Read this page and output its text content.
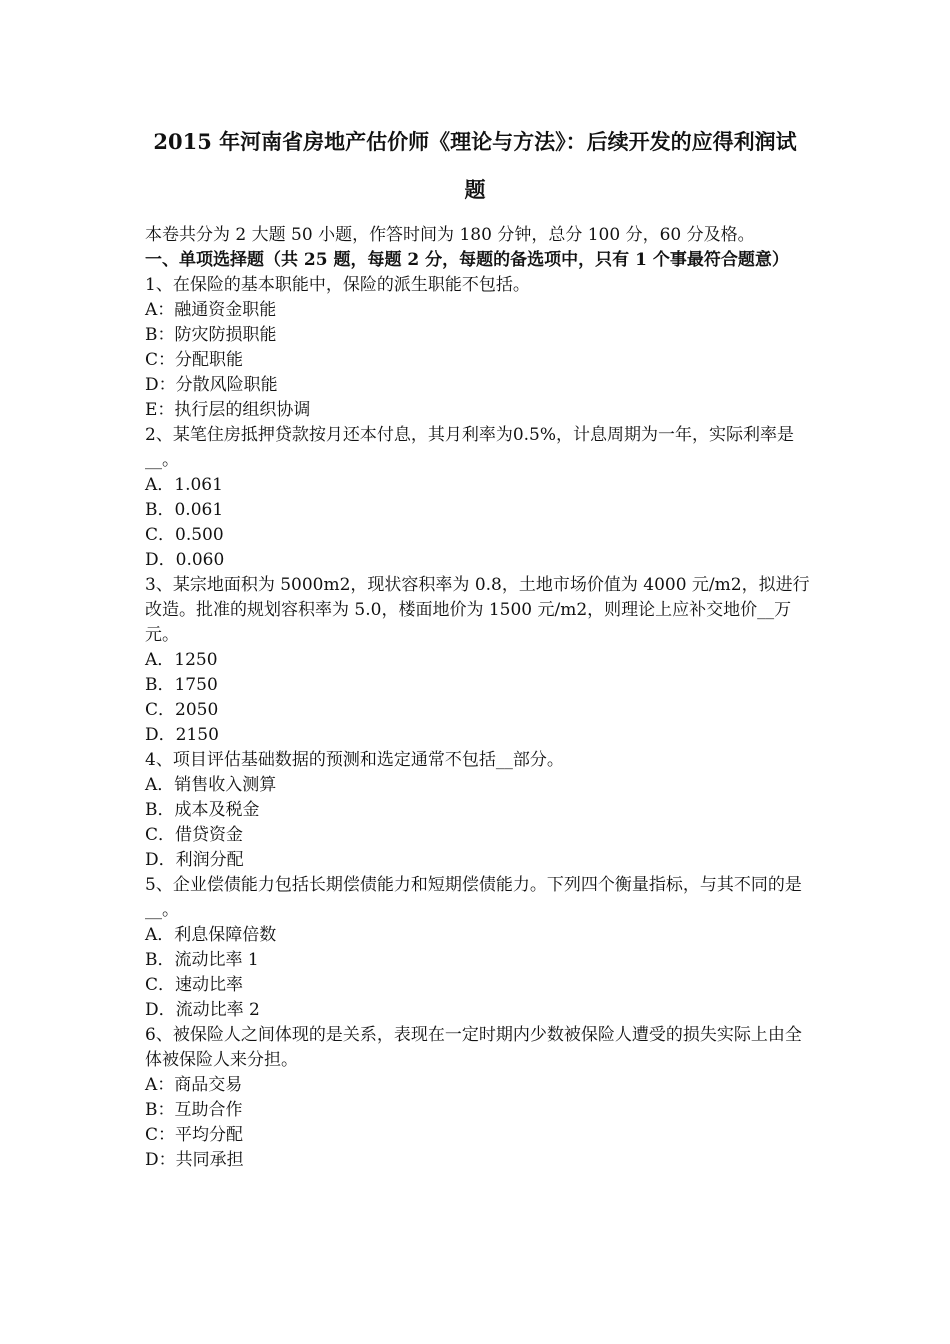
2015 年河南省房地产估价师《理论与方法》：后续开发的应得利润试
题

本卷共分为 2 大题 50 小题，作答时间为 180 分钟，总分 100 分，60 分及格。

一、单项选择题（共 25 题，每题 2 分，每题的备选项中，只有 1 个事最符合题意）

1、在保险的基本职能中，保险的派生职能不包括。

A：融通资金职能

B：防灾防损职能

C：分配职能

D：分散风险职能

E：执行层的组织协调

2、某笔住房抵押贷款按月还本付息，其月利率为0.5%，计息周期为一年，实际利率是__。

A．1.061

B．0.061

C．0.500

D．0.060

3、某宗地面积为 5000m2，现状容积率为 0.8，土地市场价值为 4000 元/m2，拟进行改造。批准的规划容积率为 5.0，楼面地价为 1500 元/m2，则理论上应补交地价__万元。

A．1250

B．1750

C．2050

D．2150

4、项目评估基础数据的预测和选定通常不包括__部分。

A．销售收入测算

B．成本及税金

C．借贷资金

D．利润分配

5、企业偿债能力包括长期偿债能力和短期偿债能力。下列四个衡量指标，与其不同的是__。

A．利息保障倍数

B．流动比率 1

C．速动比率

D．流动比率 2

6、被保险人之间体现的是关系，表现在一定时期内少数被保险人遭受的损失实际上由全体被保险人来分担。

A：商品交易

B：互助合作

C：平均分配

D：共同承担
